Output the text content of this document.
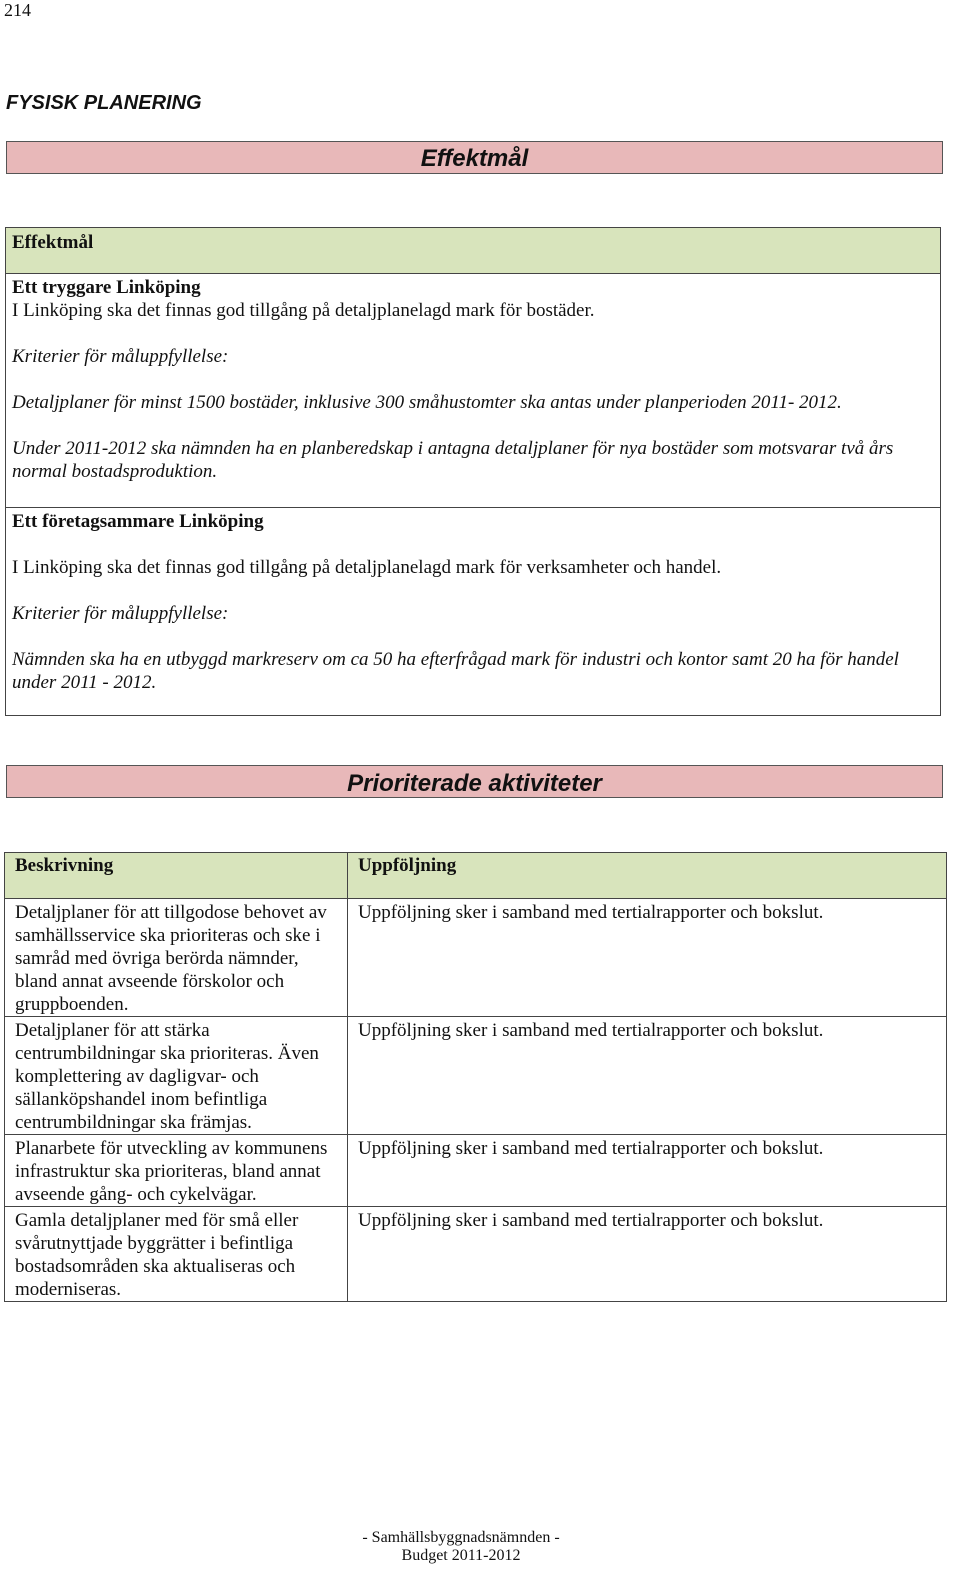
214
FYSISK PLANERING
Effektmål
Effektmål

Ett tryggare Linköping

I Linköping ska det finnas god tillgång på detaljplanelagd mark för bostäder.

Kriterier för måluppfyllelse:

Detaljplaner för minst 1500 bostäder, inklusive 300 småhustomter ska antas under planperioden 2011- 2012.

Under 2011-2012 ska nämnden ha en planberedskap i antagna detaljplaner för nya bostäder som motsvarar två års normal bostadsproduktion.

Ett företagsammare Linköping

I Linköping ska det finnas god tillgång på detaljplanelagd mark för verksamheter och handel.

Kriterier för måluppfyllelse:

Nämnden ska ha en utbyggd markreserv om ca 50 ha efterfrågad mark för industri och kontor samt 20 ha för handel under 2011 - 2012.

Prioriterade aktiviteter
Beskrivning	Uppföljning
Detaljplaner för att tillgodose behovet av samhällsservice ska prioriteras och ske i samråd med övriga berörda nämnder, bland annat avseende förskolor och gruppboenden.	Uppföljning sker i samband med tertialrapporter och bokslut.
Detaljplaner för att stärka centrumbildningar ska prioriteras. Även komplettering av dagligvar- och sällanköpshandel inom befintliga centrumbildningar ska främjas.	Uppföljning sker i samband med tertialrapporter och bokslut.
Planarbete för utveckling av kommunens infrastruktur ska prioriteras, bland annat avseende gång- och cykelvägar.	Uppföljning sker i samband med tertialrapporter och bokslut.
Gamla detaljplaner med för små eller svårutnyttjade byggrätter i befintliga bostadsområden ska aktualiseras och moderniseras.	Uppföljning sker i samband med tertialrapporter och bokslut.
- Samhällsbyggnadsnämnden -
Budget 2011-2012
